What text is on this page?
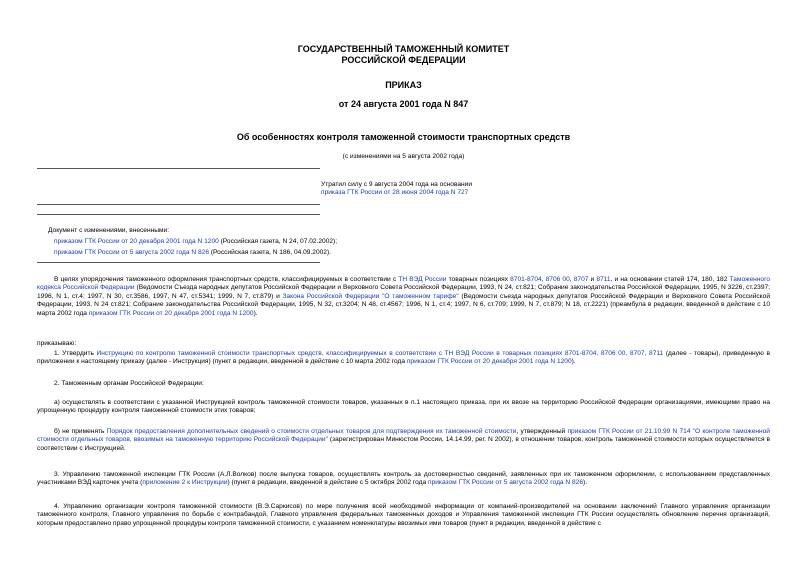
ГОСУДАРСТВЕННЫЙ ТАМОЖЕННЫЙ КОМИТЕТ
РОССИЙСКОЙ ФЕДЕРАЦИИ
ПРИКАЗ
от 24 августа 2001 года N 847
Об особенностях контроля таможенной стоимости транспортных средств
(с изменениями на 5 августа 2002 года)
Утратил силу с 9 августа 2004 года на основании
приказа ГТК России от 28 июня 2004 года N 727
Документ с изменениями, внесенными:
приказом ГТК России от 20 декабря 2001 года N 1200 (Российская газета, N 24, 07.02.2002);
приказом ГТК России от 5 августа 2002 года N 826 (Российская газета, N 186, 04.09.2002).
В целях упорядочения таможенного оформления транспортных средств, классифицируемых в соответствии с ТН ВЭД России товарных позициях 8701-8704, 8706 00, 8707 и 8711, и на основании статей 174, 180, 182 Таможенного кодекса Российской Федерации (Ведомости Съезда народных депутатов Российской Федерации и Верховного Совета Российской Федерации, 1993, N 24, ст.821; Собрание законодательства Российской Федерации, 1995, N 3226, ст.2397; 1996, N 1, ст.4; 1997, N 30, ст.3586, 1997, N 47, ст.5341; 1999, N 7, ст.879) и Закона Российской Федерации "О таможенном тарифе" (Ведомости съезда народных депутатов Российской Федерации и Верховного Совета Российской Федерации, 1993, N 24 ст.821; Собрание законодательства Российской Федерации, 1995, N 32, ст.3204; N 48, ст.4567; 1996, N 1, ст.4; 1997, N 6, ст.709; 1999, N 7, ст.879; N 18, ст.2221) (преамбула в редакции, введенной в действие с 10 марта 2002 года приказом ГТК России от 20 декабря 2001 года N 1200).
приказываю:
1. Утвердить Инструкцию по контролю таможенной стоимости транспортных средств, классифицируемых в соответствии с ТН ВЭД России в товарных позициях 8701-8704, 8706 00, 8707, 8711 (далее - товары), приведенную в приложении к настоящему приказу (далее - Инструкция) (пункт в редакции, введенной в действие с 10 марта 2002 года приказом ГТК России от 20 декабря 2001 года N 1200).
2. Таможенным органам Российской Федерации:
а) осуществлять в соответствии с указанной Инструкцией контроль таможенной стоимости товаров, указанных в п.1 настоящего приказа, при их ввозе на территорию Российской Федерации организациями, имеющими право на упрощенную процедуру контроля таможенной стоимости этих товаров;
б) не применять Порядок предоставления дополнительных сведений о стоимости отдельных товаров для подтверждения их таможенной стоимости, утвержденный приказом ГТК России от 21.10.99 N 714 "О контроле таможенной стоимости отдельных товаров, ввозимых на таможенную территорию Российской Федерации" (зарегистрирован Минюстом России, 14.14.99, рег. N 2002), в отношении товаров, контроль таможенной стоимости которых осуществляется в соответствии с Инструкцией.
3. Управлению таможенной инспекции ГТК России (А.Л.Волков) после выпуска товаров, осуществлять контроль за достоверностью сведений, заявленных при их таможенном оформлении, с использованием представленных участниками ВЭД карточек учета (приложение 2 к Инструкции) (пункт в редакции, введенной в действие с 5 октября 2002 года приказом ГТК России от 5 августа 2002 года N 826).
4. Управлению организации контроля таможенной стоимости (В.Э.Саркисов) по мере получения всей необходимой информации от компаний-производителей на основании заключений Главного управления организации таможенного контроля, Главного управления по борьбе с контрабандой, Главного управления федеральных таможенных доходов и Управления таможенной инспекции ГТК России осуществлять обновление перечня организаций, которым предоставлено право упрощенной процедуры контроля таможенной стоимости, с указанием номенклатуры ввозимых ими товаров (пункт в редакции, введенной в действие с
